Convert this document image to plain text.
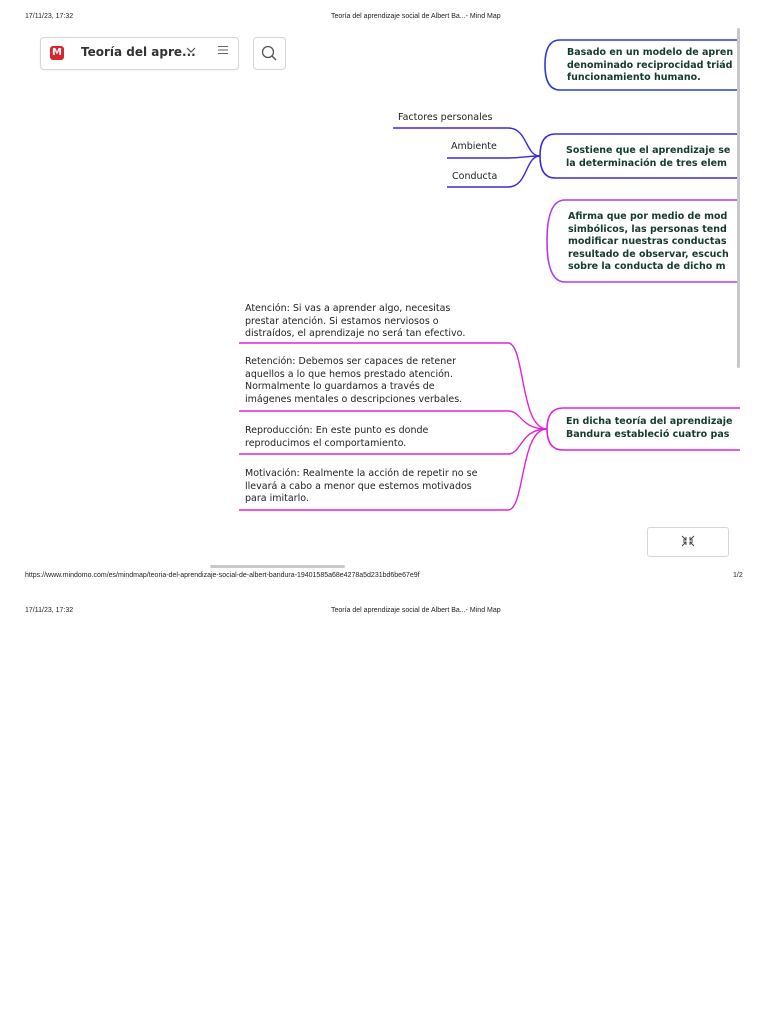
17/11/23, 17:32	Teoría del aprendizaje social de Albert Ba...- Mind Map
Basado en un modelo de apren
denominado reciprocidad triád
funcionamiento humano.
Sostiene que el aprendizaje se
la determinación de tres elem
Factores personales
Ambiente
Conducta
Afirma que por medio de mod
simbólicos, las personas tend
modificar nuestras conductas
resultado de observar, escuch
sobre la conducta de dicho m
En dicha teoría del aprendizaje
Bandura estableció cuatro pas
Atención: Si vas a aprender algo, necesitas
prestar atención. Si estamos nerviosos o
distraídos, el aprendizaje no será tan efectivo.
Retención: Debemos ser capaces de retener
aquellos a lo que hemos prestado atención.
Normalmente lo guardamos a través de
imágenes mentales o descripciones verbales.
Reproducción: En este punto es donde
reproducimos el comportamiento.
Motivación: Realmente la acción de repetir no se
llevará a cabo a menor que estemos motivados
para imitarlo.
M Teoría del apre...
https://www.mindomo.com/es/mindmap/teoria-del-aprendizaje-social-de-albert-bandura-19401585a68e4278a5d231bd6be67e9f	1/2
17/11/23, 17:32	Teoría del aprendizaje social de Albert Ba...- Mind Map
